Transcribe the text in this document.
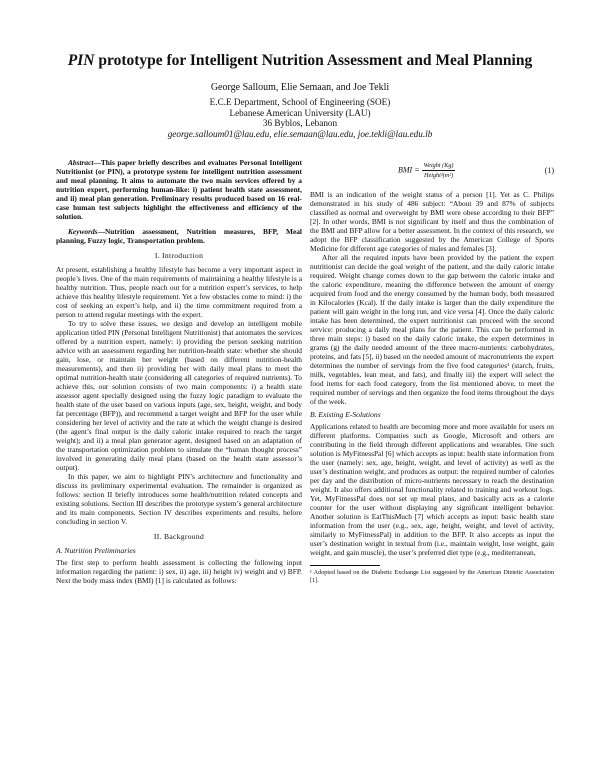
PIN prototype for Intelligent Nutrition Assessment and Meal Planning
George Salloum, Elie Semaan, and Joe Tekli
E.C.E Department, School of Engineering (SOE)
Lebanese American University (LAU)
36 Byblos, Lebanon
george.salloum01@lau.edu, elie.semaan@lau.edu, joe.tekli@lau.edu.lb

Abstract—This paper briefly describes and evaluates Personal Intelligent Nutritionist (or PIN), a prototype system for intelligent nutrition assessment and meal planning. It aims to automate the two main services offered by a nutrition expert, performing human-like: i) patient health state assessment, and ii) meal plan generation. Preliminary results produced based on 16 real-case human test subjects highlight the effectiveness and efficiency of the solution.

Keywords—Nutrition assessment, Nutrition measures, BFP, Meal planning, Fuzzy logic, Transportation problem.

I. Introduction

At present, establishing a healthy lifestyle has become a very important aspect in people’s lives. One of the main requirements of maintaining a healthy lifestyle is a healthy nutrition. Thus, people reach out for a nutrition expert’s services, to help achieve this healthy lifestyle requirement. Yet a few obstacles come to mind: i) the cost of seeking an expert’s help, and ii) the time commitment required from a person to attend regular meetings with the expert.

To try to solve these issues, we design and develop an intelligent mobile application titled PIN (Personal Intelligent Nutritionist) that automates the services offered by a nutrition expert, namely: i) providing the person seeking nutrition advice with an assessment regarding her nutrition-health state: whether she should gain, lose, or maintain her weight (based on different nutrition-health measurements), and then ii) providing her with daily meal plans to meet the optimal nutrition-health state (considering all categories of required nutrients). To achieve this, our solution consists of two main components: i) a health state assessor agent specially designed using the fuzzy logic paradigm to evaluate the health state of the user based on various inputs (age, sex, height, weight, and body fat percentage (BFP)), and recommend a target weight and BFP for the user while considering her level of activity and the rate at which the weight change is desired (the agent’s final output is the daily caloric intake required to reach the target weight); and ii) a meal plan generator agent, designed based on an adaptation of the transportation optimization problem to simulate the “human thought process” involved in generating daily meal plans (based on the health state assessor’s output).

In this paper, we aim to highlight PIN’s architecture and functionality and discuss its preliminary experimental evaluation. The remainder is organized as follows: section II briefly introduces some health/nutrition related concepts and existing solutions. Section III describes the prototype system’s general architecture and its main components. Section IV describes experiments and results, before concluding in section V.

II. Background
A. Nutrition Preliminaries

The first step to perform health assessment is collecting the following input information regarding the patient: i) sex, ii) age, iii) height iv) weight and v) BFP. Next the body mass index (BMI) [1] is calculated as follows:

BMI = $\frac{\text{Weight (Kg)}}{\text{Height²(m²)}}$	(1)

BMI is an indication of the weight status of a person [1]. Yet as C. Philips demonstrated in his study of 486 subject: “About 39 and 87% of subjects classified as normal and overweight by BMI were obese according to their BFP” [2]. In other words, BMI is not significant by itself and thus the combination of the BMI and BFP allow for a better assessment. In the context of this research, we adopt the BFP classification suggested by the American College of Sports Medicine for different age categories of males and females [3].

After all the required inputs have been provided by the patient the expert nutritionist can decide the goal weight of the patient, and the daily caloric intake required. Weight change comes down to the gap between the caloric intake and the caloric expenditure, meaning the difference between the amount of energy acquired from food and the energy consumed by the human body, both measured in Kilocalories (Kcal). If the daily intake is larger than the daily expenditure the patient will gain weight in the long run, and vice versa [4]. Once the daily caloric intake has been determined, the expert nutritionist can proceed with the second service: producing a daily meal plans for the patient. This can be performed in three main steps: i) based on the daily caloric intake, the expert determines in grams (g) the daily needed amount of the three macro-nutrients: carbohydrates, proteins, and fats [5], ii) based on the needed amount of macronutrients the expert determines the number of servings from the five food categories¹ (starch, fruits, milk, vegetables, lean meat, and fats), and finally iii) the expert will select the food items for each food category, from the list mentioned above, to meet the required number of servings and then organize the food items throughout the days of the week.

B. Existing E-Solutions

Applications related to health are becoming more and more available for users on different platforms. Companies such as Google, Microsoft and others are contributing in the field through different applications and wearables. One such solution is MyFitnessPal [6] which accepts as input: health state information from the user (namely: sex, age, height, weight, and level of activity) as well as the user’s destination weight, and produces as output: the required number of calories per day and the distribution of micro-nutrients necessary to reach the destination weight. It also offers additional functionality related to training and workout logs. Yet, MyFitnessPal does not set up meal plans, and basically acts as a calorie counter for the user without displaying any significant intelligent behavior. Another solution is EatThisMuch [7] which accepts as input: basic health state information from the user (e.g., sex, age, height, weight, and level of activity, similarly to MyFitnessPal) in addition to the BFP. It also accepts as input the user’s destination weight in textual from (i.e., maintain weight, lose weight, gain weight, and gain muscle), the user’s preferred diet type (e.g., mediterranean,

¹ Adopted based on the Diabetic Exchange List suggested by the American Dietetic Association [1].
